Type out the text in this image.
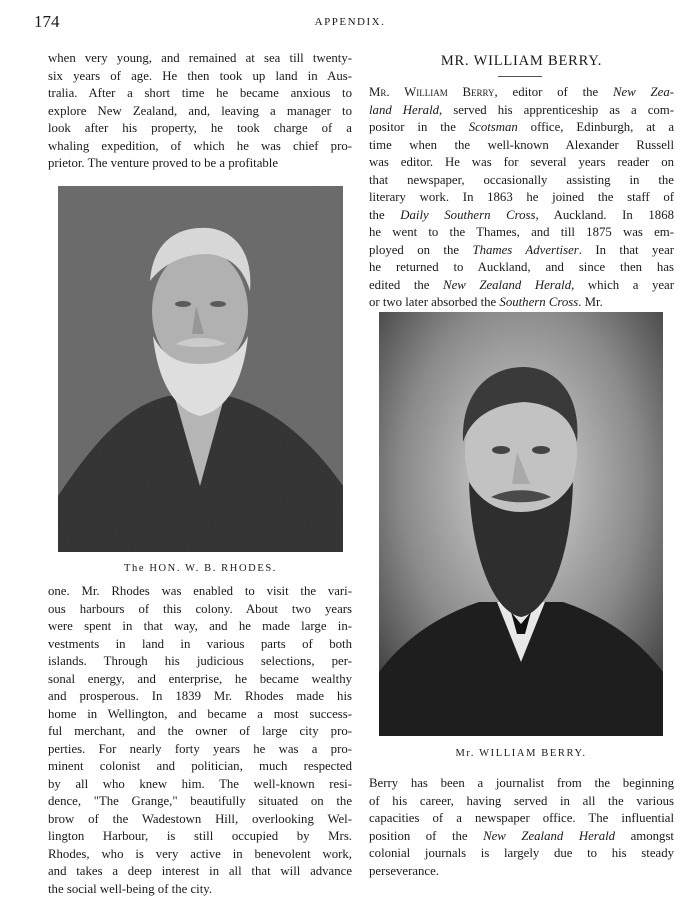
174	APPENDIX.
when very young, and remained at sea till twenty-
six years of age. He then took up land in Aus-
tralia. After a short time he became anxious to
explore New Zealand, and, leaving a manager to
look after his property, he took charge of a
whaling expedition, of which he was chief pro-
prietor. The venture proved to be a profitable
The HON. W. B. RHODES.
one. Mr. Rhodes was enabled to visit the vari-
ous harbours of this colony. About two years
were spent in that way, and he made large in-
vestments in land in various parts of both
islands. Through his judicious selections, per-
sonal energy, and enterprise, he became wealthy
and prosperous. In 1839 Mr. Rhodes made his
home in Wellington, and became a most success-
ful merchant, and the owner of large city pro-
perties. For nearly forty years he was a pro-
minent colonist and politician, much respected
by all who knew him. The well-known resi-
dence, "The Grange," beautifully situated on the
brow of the Wadestown Hill, overlooking Wel-
lington Harbour, is still occupied by Mrs.
Rhodes, who is very active in benevolent work,
and takes a deep interest in all that will advance
the social well-being of the city.
MR. WILLIAM BERRY.
Mr. William Berry, editor of the New Zea-
land Herald, served his apprenticeship as a com-
positor in the Scotsman office, Edinburgh, at a
time when the well-known Alexander Russell
was editor. He was for several years reader on
that newspaper, occasionally assisting in the
literary work. In 1863 he joined the staff of
the Daily Southern Cross, Auckland. In 1868
he went to the Thames, and till 1875 was em-
ployed on the Thames Advertiser. In that year
he returned to Auckland, and since then has
edited the New Zealand Herald, which a year
or two later absorbed the Southern Cross. Mr.
Mr. WILLIAM BERRY.
Berry has been a journalist from the beginning
of his career, having served in all the various
capacities of a newspaper office. The influential
position of the New Zealand Herald amongst
colonial journals is largely due to his steady
perseverance.
